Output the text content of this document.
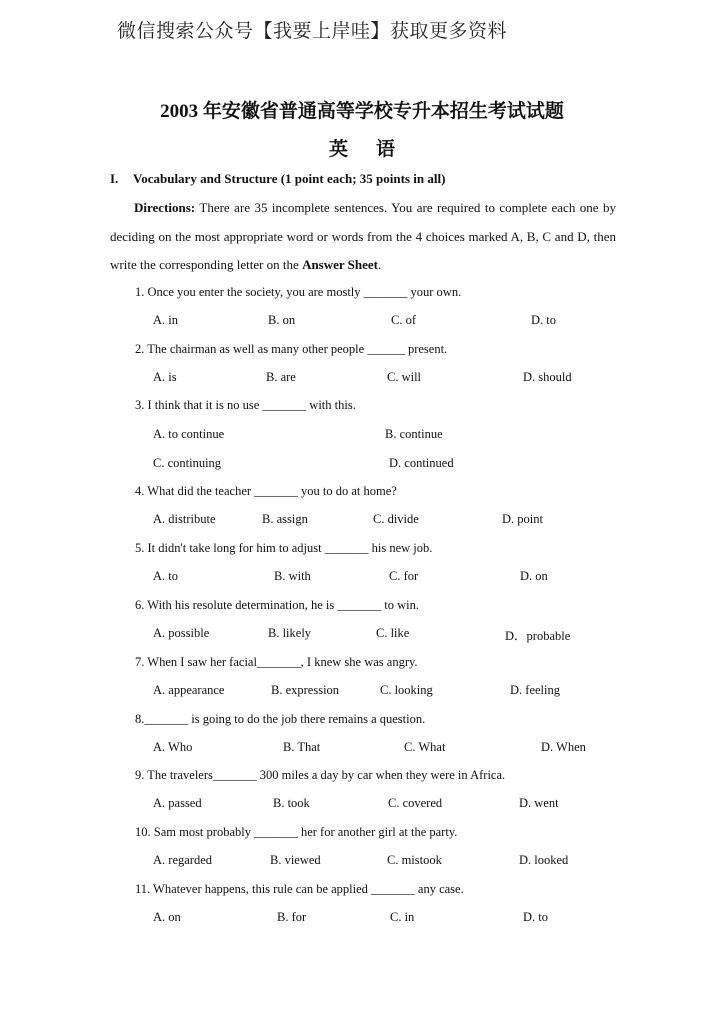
微信搜索公众号【我要上岸哇】获取更多资料
2003 年安徽省普通高等学校专升本招生考试试题
英语
I. Vocabulary and Structure (1 point each; 35 points in all)
Directions: There are 35 incomplete sentences. You are required to complete each one by deciding on the most appropriate word or words from the 4 choices marked A, B, C and D, then write the corresponding letter on the Answer Sheet.
1. Once you enter the society, you are mostly _______ your own.
A. in	B. on	C. of	D. to
2. The chairman as well as many other people ______ present.
A. is	B. are	C. will	D. should
3. I think that it is no use _______ with this.
A. to continue	B. continue
C. continuing	D. continued
4. What did the teacher _______ you to do at home?
A. distribute	B. assign	C. divide	D. point
5. It didn't take long for him to adjust _______ his new job.
A. to	B. with	C. for	D. on
6. With his resolute determination, he is _______ to win.
A. possible	B. likely	C. like	D．probable
7. When I saw her facial_______, I knew she was angry.
A. appearance	B. expression	C. looking	D. feeling
8._______ is going to do the job there remains a question.
A. Who	B. That	C. What	D. When
9. The travelers_______ 300 miles a day by car when they were in Africa.
A. passed	B. took	C. covered	D. went
10. Sam most probably _______ her for another girl at the party.
A. regarded	B. viewed	C. mistook	D. looked
11. Whatever happens, this rule can be applied _______ any case.
A. on	B. for	C. in	D. to
